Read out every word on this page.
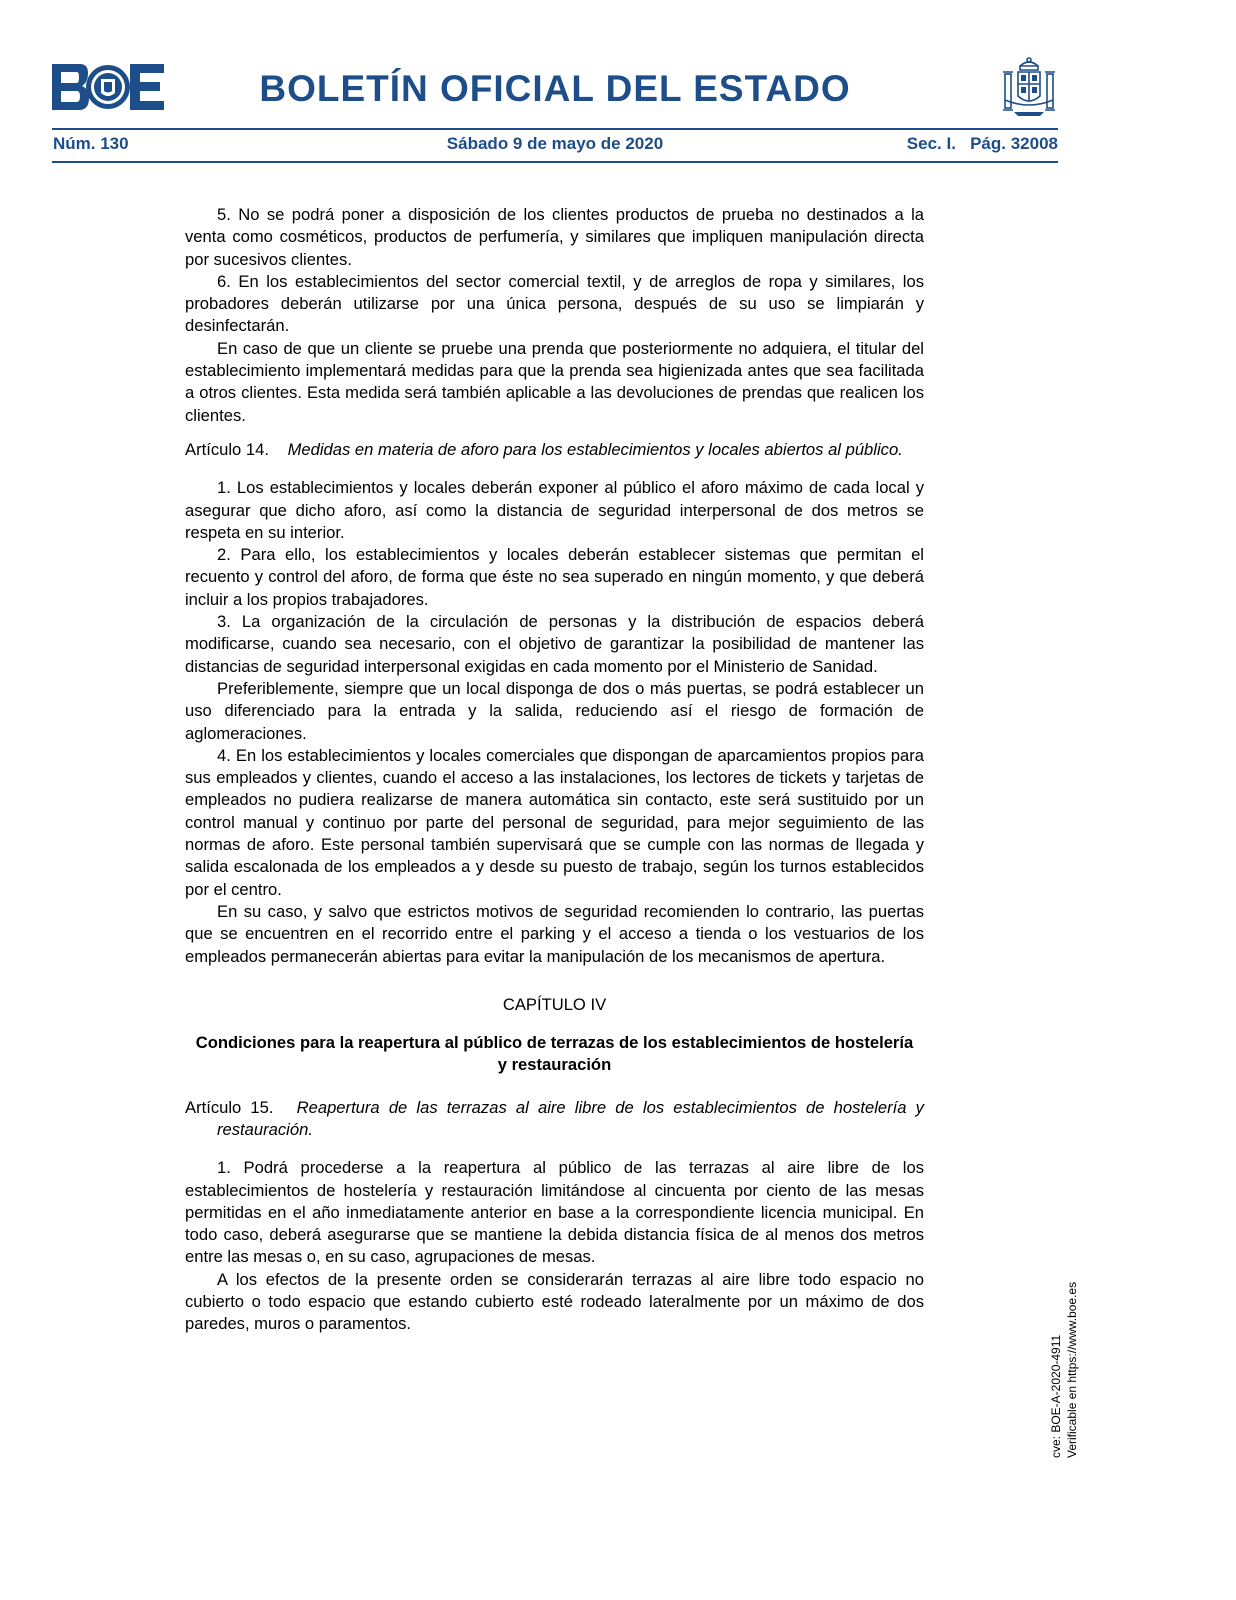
BOLETÍN OFICIAL DEL ESTADO
Núm. 130	Sábado 9 de mayo de 2020	Sec. I.   Pág. 32008

5. No se podrá poner a disposición de los clientes productos de prueba no destinados a la venta como cosméticos, productos de perfumería, y similares que impliquen manipulación directa por sucesivos clientes.

6. En los establecimientos del sector comercial textil, y de arreglos de ropa y similares, los probadores deberán utilizarse por una única persona, después de su uso se limpiarán y desinfectarán.

En caso de que un cliente se pruebe una prenda que posteriormente no adquiera, el titular del establecimiento implementará medidas para que la prenda sea higienizada antes que sea facilitada a otros clientes. Esta medida será también aplicable a las devoluciones de prendas que realicen los clientes.

Artículo 14. Medidas en materia de aforo para los establecimientos y locales abiertos al público.

1. Los establecimientos y locales deberán exponer al público el aforo máximo de cada local y asegurar que dicho aforo, así como la distancia de seguridad interpersonal de dos metros se respeta en su interior.

2. Para ello, los establecimientos y locales deberán establecer sistemas que permitan el recuento y control del aforo, de forma que éste no sea superado en ningún momento, y que deberá incluir a los propios trabajadores.

3. La organización de la circulación de personas y la distribución de espacios deberá modificarse, cuando sea necesario, con el objetivo de garantizar la posibilidad de mantener las distancias de seguridad interpersonal exigidas en cada momento por el Ministerio de Sanidad.

Preferiblemente, siempre que un local disponga de dos o más puertas, se podrá establecer un uso diferenciado para la entrada y la salida, reduciendo así el riesgo de formación de aglomeraciones.

4. En los establecimientos y locales comerciales que dispongan de aparcamientos propios para sus empleados y clientes, cuando el acceso a las instalaciones, los lectores de tickets y tarjetas de empleados no pudiera realizarse de manera automática sin contacto, este será sustituido por un control manual y continuo por parte del personal de seguridad, para mejor seguimiento de las normas de aforo. Este personal también supervisará que se cumple con las normas de llegada y salida escalonada de los empleados a y desde su puesto de trabajo, según los turnos establecidos por el centro.

En su caso, y salvo que estrictos motivos de seguridad recomienden lo contrario, las puertas que se encuentren en el recorrido entre el parking y el acceso a tienda o los vestuarios de los empleados permanecerán abiertas para evitar la manipulación de los mecanismos de apertura.

CAPÍTULO IV

Condiciones para la reapertura al público de terrazas de los establecimientos de hostelería y restauración

Artículo 15. Reapertura de las terrazas al aire libre de los establecimientos de hostelería y restauración.

1. Podrá procederse a la reapertura al público de las terrazas al aire libre de los establecimientos de hostelería y restauración limitándose al cincuenta por ciento de las mesas permitidas en el año inmediatamente anterior en base a la correspondiente licencia municipal. En todo caso, deberá asegurarse que se mantiene la debida distancia física de al menos dos metros entre las mesas o, en su caso, agrupaciones de mesas.

A los efectos de la presente orden se considerarán terrazas al aire libre todo espacio no cubierto o todo espacio que estando cubierto esté rodeado lateralmente por un máximo de dos paredes, muros o paramentos.

cve: BOE-A-2020-4911 Verificable en https://www.boe.es
